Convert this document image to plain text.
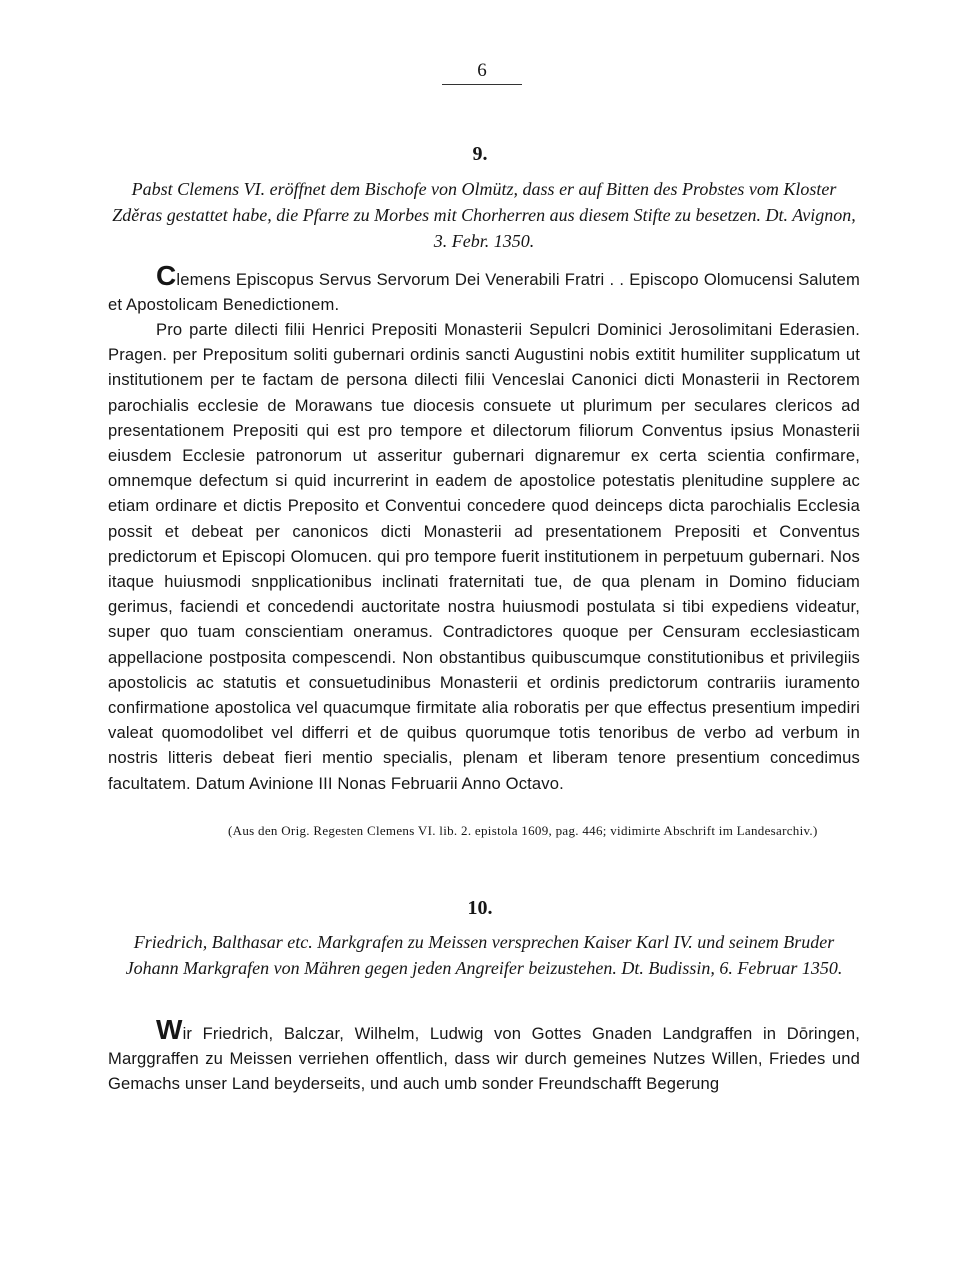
6
9.
Pabst Clemens VI. eröffnet dem Bischofe von Olmütz, dass er auf Bitten des Probstes vom Kloster Zděras gestattet habe, die Pfarre zu Morbes mit Chorherren aus diesem Stifte zu besetzen. Dt. Avignon, 3. Febr. 1350.

Clemens Episcopus Servus Servorum Dei Venerabili Fratri . . Episcopo Olomucensi Salutem et Apostolicam Benedictionem.

Pro parte dilecti filii Henrici Prepositi Monasterii Sepulcri Dominici Jerosolimitani Ederasien. Pragen. per Prepositum soliti gubernari ordinis sancti Augustini nobis extitit humiliter supplicatum ut institutionem per te factam de persona dilecti filii Venceslai Canonici dicti Monasterii in Rectorem parochialis ecclesie de Morawans tue diocesis consuete ut plurimum per seculares clericos ad presentationem Prepositi qui est pro tempore et dilectorum filiorum Conventus ipsius Monasterii eiusdem Ecclesie patronorum ut asseritur gubernari dignaremur ex certa scientia confirmare, omnemque defectum si quid incurrerint in eadem de apostolice potestatis plenitudine supplere ac etiam ordinare et dictis Preposito et Conventui concedere quod deinceps dicta parochialis Ecclesia possit et debeat per canonicos dicti Monasterii ad presentationem Prepositi et Conventus predictorum et Episcopi Olomucen. qui pro tempore fuerit institutionem in perpetuum gubernari. Nos itaque huiusmodi snpplicationibus inclinati fraternitati tue, de qua plenam in Domino fiduciam gerimus, faciendi et concedendi auctoritate nostra huiusmodi postulata si tibi expediens videatur, super quo tuam conscientiam oneramus. Contradictores quoque per Censuram ecclesiasticam appellacione postposita compescendi. Non obstantibus quibuscumque constitutionibus et privilegiis apostolicis ac statutis et consuetudinibus Monasterii et ordinis predictorum contrariis iuramento confirmatione apostolica vel quacumque firmitate alia roboratis per que effectus presentium impediri valeat quomodolibet vel differri et de quibus quorumque totis tenoribus de verbo ad verbum in nostris litteris debeat fieri mentio specialis, plenam et liberam tenore presentium concedimus facultatem. Datum Avinione III Nonas Februarii Anno Octavo.

(Aus den Orig. Regesten Clemens VI. lib. 2. epistola 1609, pag. 446; vidimirte Abschrift im Landesarchiv.)

10.
Friedrich, Balthasar etc. Markgrafen zu Meissen versprechen Kaiser Karl IV. und seinem Bruder Johann Markgrafen von Mähren gegen jeden Angreifer beizustehen. Dt. Budissin, 6. Februar 1350.

Wir Friedrich, Balczar, Wilhelm, Ludwig von Gottes Gnaden Landgraffen in Dōringen, Marggraffen zu Meissen verriehen offentlich, dass wir durch gemeines Nutzes Willen, Friedes und Gemachs unser Land beyderseits, und auch umb sonder Freundschafft Begerung
